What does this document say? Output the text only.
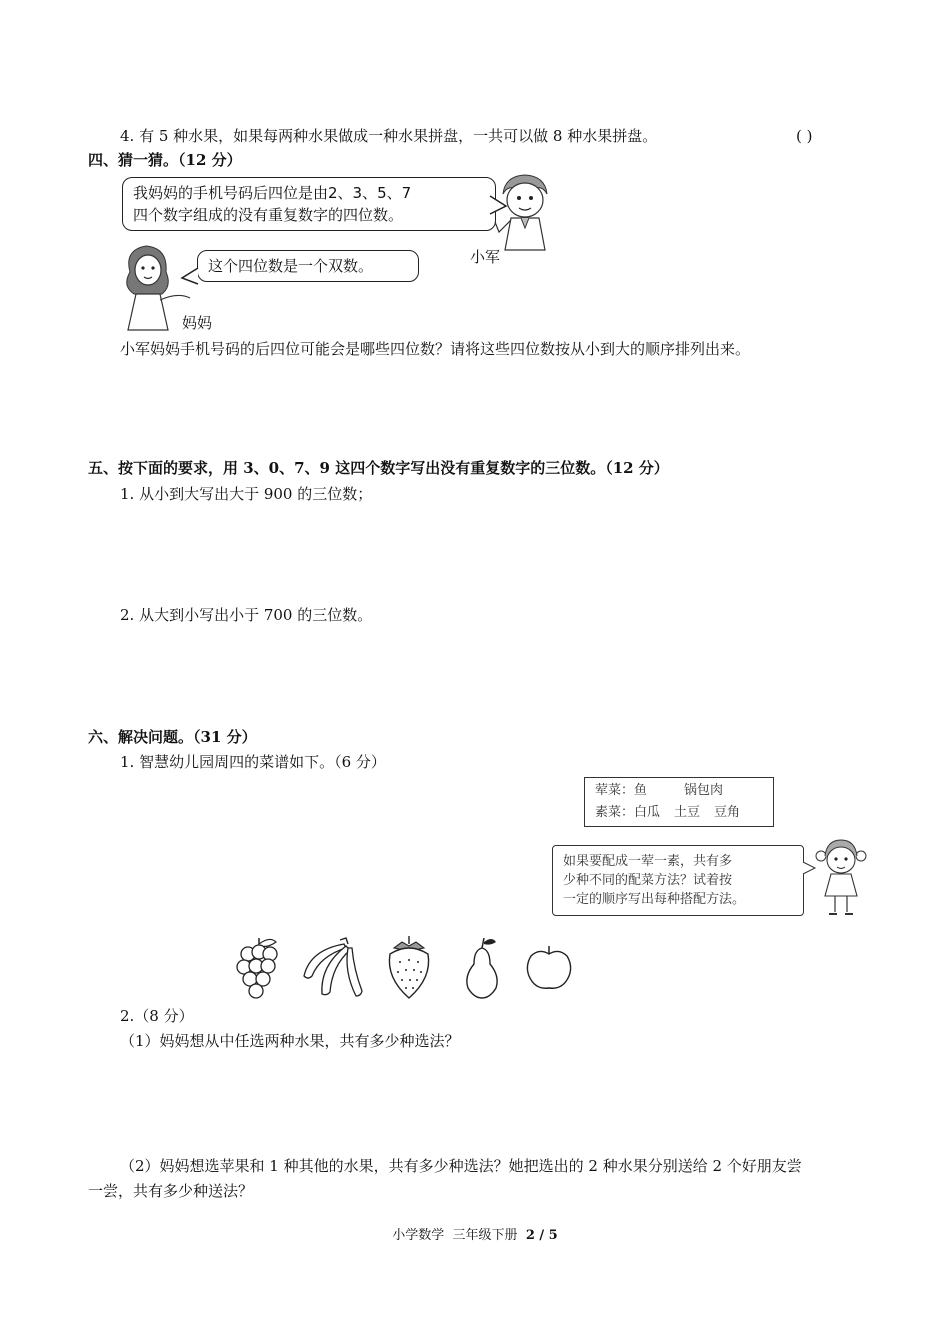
4. 有 5 种水果，如果每两种水果做成一种水果拼盘，一共可以做 8 种水果拼盘。	( )
四、猜一猜。（12 分）
我妈妈的手机号码后四位是由2、3、5、7
四个数字组成的没有重复数字的四位数。
小军
这个四位数是一个双数。
妈妈
小军妈妈手机号码的后四位可能会是哪些四位数？请将这些四位数按从小到大的顺序排列出来。
五、按下面的要求，用 3、0、7、9 这四个数字写出没有重复数字的三位数。（12 分）
1. 从小到大写出大于 900 的三位数；
2. 从大到小写出小于 700 的三位数。
六、解决问题。（31 分）
1. 智慧幼儿园周四的菜谱如下。（6 分）
荤菜：鱼	锅包肉
素菜：白瓜 土豆 豆角
如果要配成一荤一素，共有多
少种不同的配菜方法？试着按
一定的顺序写出每种搭配方法。
2.（8 分）
（1）妈妈想从中任选两种水果，共有多少种选法？
（2）妈妈想选苹果和 1 种其他的水果，共有多少种选法？她把选出的 2 种水果分别送给 2 个好朋友尝
一尝，共有多少种送法？
小学数学  三年级下册  2 / 5
